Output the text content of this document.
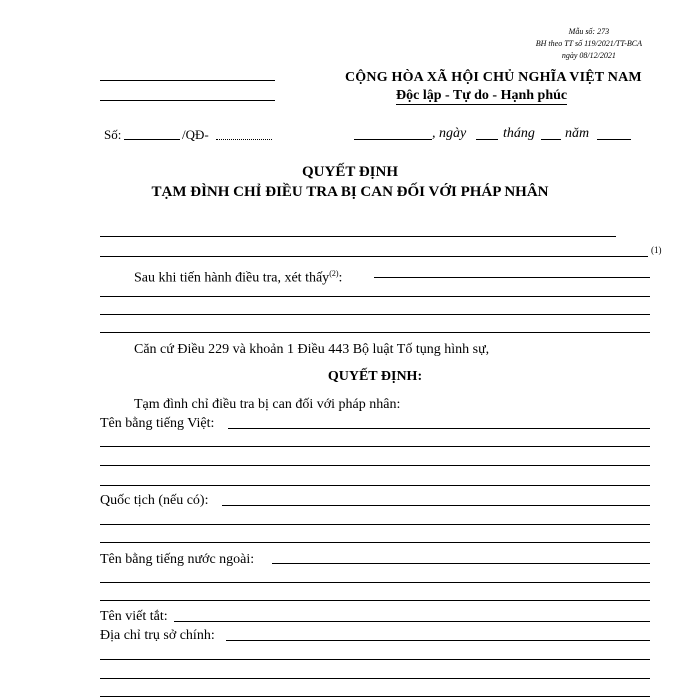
Mẫu số: 273
BH theo TT số 119/2021/TT-BCA
ngày 08/12/2021
CỘNG HÒA XÃ HỘI CHỦ NGHĨA VIỆT NAM
Độc lập - Tự do - Hạnh phúc
Số:	/QĐ-	, ngày	tháng năm
QUYẾT ĐỊNH
TẠM ĐÌNH CHỈ ĐIỀU TRA BỊ CAN ĐỐI VỚI PHÁP NHÂN
(1)
Sau khi tiến hành điều tra, xét thấy$^{(2)}$:
Căn cứ Điều 229 và khoản 1 Điều 443 Bộ luật Tố tụng hình sự,
QUYẾT ĐỊNH:
Tạm đình chỉ điều tra bị can đối với pháp nhân:
Tên bằng tiếng Việt:
Quốc tịch (nếu có):
Tên bằng tiếng nước ngoài:
Tên viết tắt:
Địa chỉ trụ sở chính:
